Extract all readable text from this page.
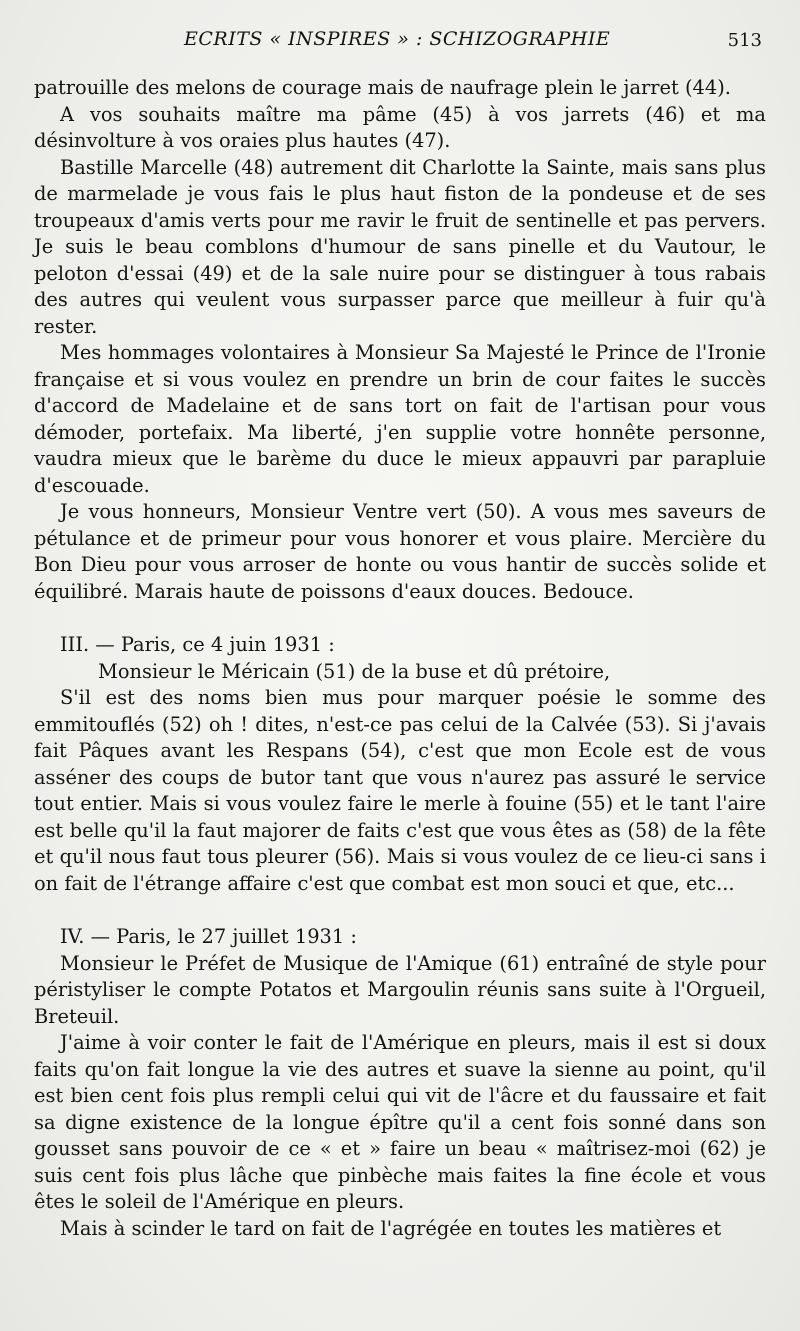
ECRITS « INSPIRES » : SCHIZOGRAPHIE	513

patrouille des melons de courage mais de naufrage plein le jarret (44).

A vos souhaits maître ma pâme (45) à vos jarrets (46) et ma désinvolture à vos oraies plus hautes (47).

Bastille Marcelle (48) autrement dit Charlotte la Sainte, mais sans plus de marmelade je vous fais le plus haut fiston de la pondeuse et de ses troupeaux d'amis verts pour me ravir le fruit de sentinelle et pas pervers. Je suis le beau comblons d'humour de sans pinelle et du Vautour, le peloton d'essai (49) et de la sale nuire pour se distinguer à tous rabais des autres qui veulent vous surpasser parce que meilleur à fuir qu'à rester.

Mes hommages volontaires à Monsieur Sa Majesté le Prince de l'Ironie française et si vous voulez en prendre un brin de cour faites le succès d'accord de Madelaine et de sans tort on fait de l'artisan pour vous démoder, portefaix. Ma liberté, j'en supplie votre honnête personne, vaudra mieux que le barème du duce le mieux appauvri par parapluie d'escouade.

Je vous honneurs, Monsieur Ventre vert (50). A vous mes saveurs de pétulance et de primeur pour vous honorer et vous plaire. Mercière du Bon Dieu pour vous arroser de honte ou vous hantir de succès solide et équilibré. Marais haute de poissons d'eaux douces. Bedouce.

III. — Paris, ce 4 juin 1931 :

Monsieur le Méricain (51) de la buse et dû prétoire,

S'il est des noms bien mus pour marquer poésie le somme des emmitouflés (52) oh ! dites, n'est-ce pas celui de la Calvée (53). Si j'avais fait Pâques avant les Respans (54), c'est que mon Ecole est de vous asséner des coups de butor tant que vous n'aurez pas assuré le service tout entier. Mais si vous voulez faire le merle à fouine (55) et le tant l'aire est belle qu'il la faut majorer de faits c'est que vous êtes as (58) de la fête et qu'il nous faut tous pleurer (56). Mais si vous voulez de ce lieu-ci sans i on fait de l'étrange affaire c'est que combat est mon souci et que, etc...

IV. — Paris, le 27 juillet 1931 :

Monsieur le Préfet de Musique de l'Amique (61) entraîné de style pour péristyliser le compte Potatos et Margoulin réunis sans suite à l'Orgueil, Breteuil.

J'aime à voir conter le fait de l'Amérique en pleurs, mais il est si doux faits qu'on fait longue la vie des autres et suave la sienne au point, qu'il est bien cent fois plus rempli celui qui vit de l'âcre et du faussaire et fait sa digne existence de la longue épître qu'il a cent fois sonné dans son gousset sans pouvoir de ce « et » faire un beau « maîtrisez-moi (62) je suis cent fois plus lâche que pinbèche mais faites la fine école et vous êtes le soleil de l'Amérique en pleurs.

Mais à scinder le tard on fait de l'agrégée en toutes les matières et
